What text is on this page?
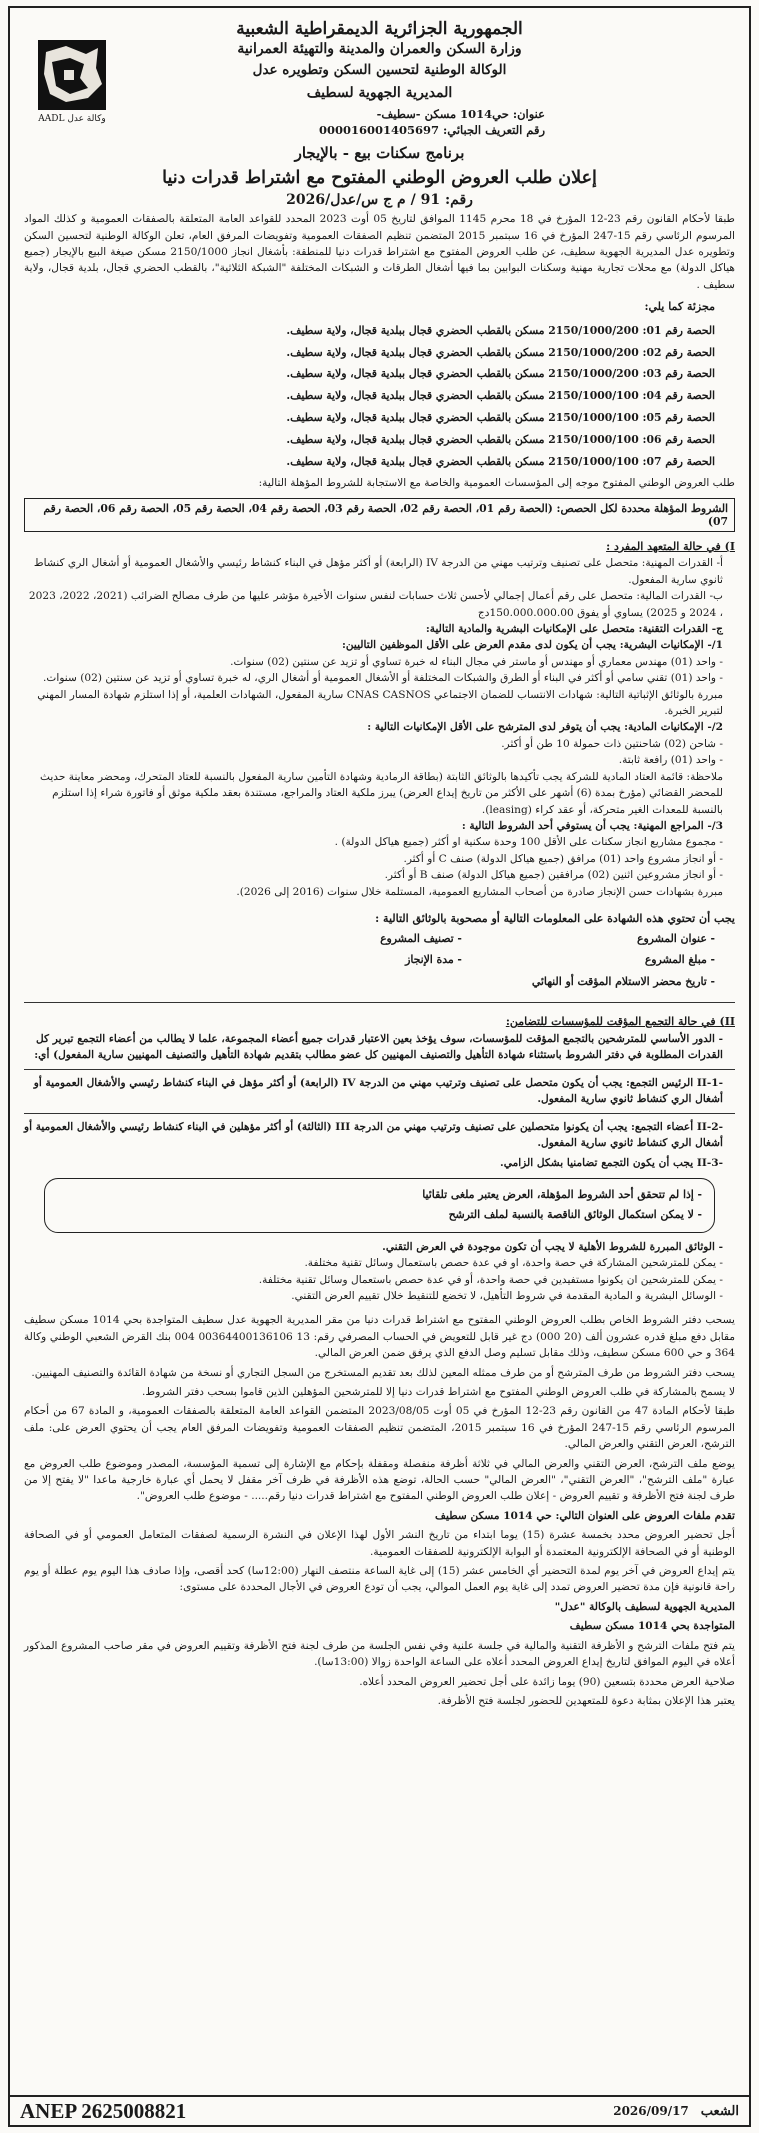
وكالة عدل AADL
الجمهورية الجزائرية الديمقراطية الشعبية
وزارة السكن والعمران والمدينة والتهيئة العمرانية
الوكالة الوطنية لتحسين السكن وتطويره عدل
المديرية الجهوية لسطيف
عنوان: حي1014 مسكن -سطيف-
رقم التعريف الجبائي: 000016001405697
برنامج سكنات بيع - بالإيجار
إعلان طلب العروض الوطني المفتوح مع اشتراط قدرات دنيا
رقم: 91 / م ج س/عدل/2026

طبقا لأحكام القانون رقم 23-12 المؤرخ في 18 محرم 1145 الموافق لتاريخ 05 أوت 2023 المحدد للقواعد العامة المتعلقة بالصفقات العمومية و كذلك المواد المرسوم الرئاسي رقم 15-247 المؤرخ في 16 سبتمبر 2015 المتضمن تنظيم الصفقات العمومية وتفويضات المرفق العام، تعلن الوكالة الوطنية لتحسين السكن وتطويره عدل المديرية الجهوية سطيف، عن طلب العروض المفتوح مع اشتراط قدرات دنيا للمنطقة: بأشغال انجاز 2150/1000 مسكن صيغة البيع بالإيجار (جميع هياكل الدولة) مع محلات تجارية مهنية وسكنات البوابين بما فيها أشغال الطرقات و الشبكات المختلفة "الشبكة الثلاثية"، بالقطب الحضري قجال، بلدية قجال، ولاية سطيف .

مجزئة كما يلي:
الحصة رقم 01: 2150/1000/200 مسكن بالقطب الحضري قجال ببلدية قجال، ولاية سطيف.
الحصة رقم 02: 2150/1000/200 مسكن بالقطب الحضري قجال ببلدية قجال، ولاية سطيف.
الحصة رقم 03: 2150/1000/200 مسكن بالقطب الحضري قجال ببلدية قجال، ولاية سطيف.
الحصة رقم 04: 2150/1000/100 مسكن بالقطب الحضري قجال ببلدية قجال، ولاية سطيف.
الحصة رقم 05: 2150/1000/100 مسكن بالقطب الحضري قجال ببلدية قجال، ولاية سطيف.
الحصة رقم 06: 2150/1000/100 مسكن بالقطب الحضري قجال ببلدية قجال، ولاية سطيف.
الحصة رقم 07: 2150/1000/100 مسكن بالقطب الحضري قجال ببلدية قجال، ولاية سطيف.

طلب العروض الوطني المفتوح موجه إلى المؤسسات العمومية والخاصة مع الاستجابة للشروط المؤهلة التالية:

الشروط المؤهلة محددة لكل الحصص: (الحصة رقم 01، الحصة رقم 02، الحصة رقم 03، الحصة رقم 04، الحصة رقم 05، الحصة رقم 06، الحصة رقم 07)
I) في حالة المتعهد المفرد :
أ- القدرات المهنية: متحصل على تصنيف وترتيب مهني من الدرجة IV (الرابعة) أو أكثر مؤهل في البناء كنشاط رئيسي والأشغال العمومية أو أشغال الري كنشاط ثانوي سارية المفعول.
ب- القدرات المالية: متحصل على رقم أعمال إجمالي لأحسن ثلاث حسابات لنفس سنوات الأخيرة مؤشر عليها من طرف مصالح الضرائب (2021، 2022، 2023 ، 2024 و 2025) يساوي أو يفوق 150.000.000.00دج
ج- القدرات التقنية: متحصل على الإمكانيات البشرية والمادية التالية:
1/- الإمكانيات البشرية: يجب أن يكون لدى مقدم العرض على الأقل الموظفين التاليين:
- واحد (01) مهندس معماري أو مهندس أو ماستر في مجال البناء له خبرة تساوي أو تزيد عن سنتين (02) سنوات.
- واحد (01) تقني سامي أو أكثر في البناء أو الطرق والشبكات المختلفة أو الأشغال العمومية أو أشغال الري، له خبرة تساوي أو تزيد عن سنتين (02) سنوات.
مبررة بالوثائق الإثباتية التالية: شهادات الانتساب للضمان الاجتماعي CNAS CASNOS سارية المفعول، الشهادات العلمية، أو إذا استلزم شهادة المسار المهني لتبرير الخبرة.
2/- الإمكانيات المادية: يجب أن يتوفر لدى المترشح على الأقل الإمكانيات التالية :
- شاحن (02) شاحنتين ذات حمولة 10 طن أو أكثر.
- واحد (01) رافعة ثابتة.
ملاحظة: قائمة العتاد المادية للشركة يجب تأكيدها بالوثائق الثابتة (بطاقة الرمادية وشهادة التأمين سارية المفعول بالنسبة للعتاد المتحرك، ومحضر معاينة حديث للمحضر القضائي (مؤرخ بمدة (6) أشهر على الأكثر من تاريخ إيداع العرض) يبرز ملكية العتاد والمراجع، مستندة بعقد ملكية موثق أو فاتورة شراء إذا استلزم بالنسبة للمعدات الغير متحركة، أو عقد كراء (leasing).
3/- المراجع المهنية: يجب أن يستوفي أحد الشروط التالية :
- مجموع مشاريع انجاز سكنات على الأقل 100 وحدة سكنية او أكثر (جميع هياكل الدولة) .
- أو انجاز مشروع واحد (01) مرافق (جميع هياكل الدولة) صنف C أو أكثر.
- أو انجاز مشروعين اثنين (02) مرافقين (جميع هياكل الدولة) صنف B أو أكثر.
مبررة بشهادات حسن الإنجاز صادرة من أصحاب المشاريع العمومية، المستلمة خلال سنوات (2016 إلى 2026).
يجب أن تحتوي هذه الشهادة على المعلومات التالية أو مصحوبة بالوثائق التالية :
- عنوان المشروع
- مبلغ المشروع
- تاريخ محضر الاستلام المؤقت أو النهائي
- تصنيف المشروع
- مدة الإنجاز
II) في حالة التجمع المؤقت للمؤسسات للتضامن:
- الدور الأساسي للمترشحين بالتجمع المؤقت للمؤسسات، سوف يؤخذ بعين الاعتبار قدرات جميع أعضاء المجموعة، علما لا يطالب من أعضاء التجمع تبرير كل القدرات المطلوبة في دفتر الشروط باستثناء شهادة التأهيل والتصنيف المهنيين كل عضو مطالب بتقديم شهادة التأهيل والتصنيف المهنيين سارية المفعول) أي:
-1-II الرئيس التجمع: يجب أن يكون متحصل على تصنيف وترتيب مهني من الدرجة IV (الرابعة) أو أكثر مؤهل في البناء كنشاط رئيسي والأشغال العمومية أو أشغال الري كنشاط ثانوي سارية المفعول.
-2-II أعضاء التجمع: يجب أن يكونوا متحصلين على تصنيف وترتيب مهني من الدرجة III (الثالثة) أو أكثر مؤهلين في البناء كنشاط رئيسي والأشغال العمومية أو أشغال الري كنشاط ثانوي سارية المفعول.
-3-II يجب أن يكون التجمع تضامنيا بشكل الزامي.
- إذا لم تتحقق أحد الشروط المؤهلة، العرض يعتبر ملغى تلقائيا
- لا يمكن استكمال الوثائق الناقصة بالنسبة لملف الترشح
- الوثائق المبررة للشروط الأهلية لا يجب أن تكون موجودة في العرض التقني.
- يمكن للمترشحين المشاركة في حصة واحدة، او في عدة حصص باستعمال وسائل تقنية مختلفة.
- يمكن للمترشحين ان يكونوا مستفيدين في حصة واحدة، أو في عدة حصص باستعمال وسائل تقنية مختلفة.
- الوسائل البشرية و المادية المقدمة في شروط التأهيل، لا تخضع للتنقيط خلال تقييم العرض التقني.

يسحب دفتر الشروط الخاص بطلب العروض الوطني المفتوح مع اشتراط قدرات دنيا من مقر المديرية الجهوية عدل سطيف المتواجدة بحي 1014 مسكن سطيف مقابل دفع مبلغ قدره عشرون ألف (20 000) دج غير قابل للتعويض في الحساب المصرفي رقم: 13 00364400136106 004 بنك القرض الشعبي الوطني وكالة 364 و حي 600 مسكن سطيف، وذلك مقابل تسليم وصل الدفع الذي يرفق ضمن العرض المالي.

يسحب دفتر الشروط من طرف المترشح أو من طرف ممثله المعين لذلك بعد تقديم المستخرج من السجل التجاري أو نسخة من شهادة القائدة والتصنيف المهنيين.

لا يسمح بالمشاركة في طلب العروض الوطني المفتوح مع اشتراط قدرات دنيا إلا للمترشحين المؤهلين الذين قاموا بسحب دفتر الشروط.

طبقا لأحكام المادة 47 من القانون رقم 23-12 المؤرخ في 05 أوت 2023/08/05 المتضمن القواعد العامة المتعلقة بالصفقات العمومية، و المادة 67 من أحكام المرسوم الرئاسي رقم 15-247 المؤرخ في 16 سبتمبر 2015، المتضمن تنظيم الصفقات العمومية وتفويضات المرفق العام يجب أن يحتوي العرض على: ملف الترشح، العرض التقني والعرض المالي.

يوضع ملف الترشح، العرض التقني والعرض المالي في ثلاثة أظرفة منفصلة ومقفلة بإحكام مع الإشارة إلى تسمية المؤسسة، المصدر وموضوع طلب العروض مع عبارة "ملف الترشح"، "العرض التقني"، "العرض المالي" حسب الحالة، توضع هذه الأظرفة في ظرف آخر مقفل لا يحمل أي عبارة خارجية ماعدا "لا يفتح إلا من طرف لجنة فتح الأظرفة و تقييم العروض - إعلان طلب العروض الوطني المفتوح مع اشتراط قدرات دنيا رقم..... - موضوع طلب العروض".

تقدم ملفات العروض على العنوان التالي: حي 1014 مسكن سطيف

أجل تحضير العروض محدد بخمسة عشرة (15) يوما ابتداء من تاريخ النشر الأول لهذا الإعلان في النشرة الرسمية لصفقات المتعامل العمومي أو في الصحافة الوطنية أو في الصحافة الإلكترونية المعتمدة أو البوابة الإلكترونية للصفقات العمومية.

يتم إيداع العروض في آخر يوم لمدة التحضير أي الخامس عشر (15) إلى غاية الساعة منتصف النهار (12:00سا) كحد أقصى، وإذا صادف هذا اليوم يوم عطلة أو يوم راحة قانونية فإن مدة تحضير العروض تمدد إلى غاية يوم العمل الموالي، يجب أن تودع العروض في الأجال المحددة على مستوى:

المديرية الجهوية لسطيف بالوكالة "عدل"

المتواجدة بحي 1014 مسكن سطيف

يتم فتح ملفات الترشح و الأظرفة التقنية والمالية في جلسة علنية وفي نفس الجلسة من طرف لجنة فتح الأظرفة وتقييم العروض في مقر صاحب المشروع المذكور أعلاه في اليوم الموافق لتاريخ إيداع العروض المحدد أعلاه على الساعة الواحدة زوالا (13:00سا).

صلاحية العرض محددة بتسعين (90) يوما زائدة على أجل تحضير العروض المحدد أعلاه.

يعتبر هذا الإعلان بمثابة دعوة للمتعهدين للحضور لجلسة فتح الأظرفة.

الشعب
2026/09/17
ANEP 2625008821
